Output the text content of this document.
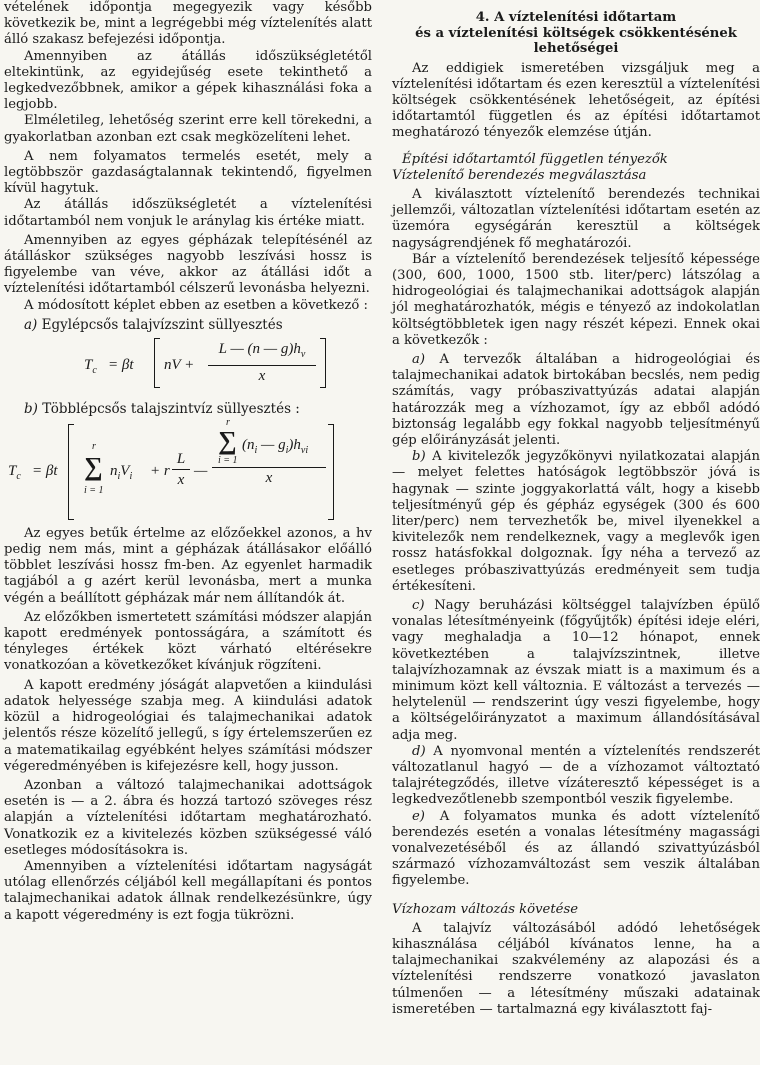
vételének időpontja megegyezik vagy később következik be, mint a legrégebbi még víztelenítés alatt álló szakasz befejezési időpontja.

Amennyiben az átállás időszükségletétől eltekintünk, az egyidejűség esete tekinthető a legkedvezőbbnek, amikor a gépek kihasználási foka a legjobb.

Elméletileg, lehetőség szerint erre kell törekedni, a gyakorlatban azonban ezt csak megközelíteni lehet.

A nem folyamatos termelés esetét, mely a legtöbbször gazdaságtalannak tekintendő, figyelmen kívül hagytuk.

Az átállás időszükségletét a víztelenítési időtartamból nem vonjuk le aránylag kis értéke miatt.

Amennyiben az egyes gépházak telepítésénél az átálláskor szükséges nagyobb leszívási hossz is figyelembe van véve, akkor az átállási időt a víztelenítési időtartamból célszerű levonásba helyezni.

A módosított képlet ebben az esetben a következő :

a) Egylépcsős talajvízszint süllyesztés
$T_c = \beta t$ nV + $\frac{L — (n — g)h_v}{x}$
b) Többlépcsős talajszintvíz süllyesztés :
$T_c = \beta t$
r
∑
i = 1
$n_iV_i + r \frac{L}{x}$ —
r
∑
i = 1
($n_i$ — $g_i)h_{vi}$
x

Az egyes betűk értelme az előzőekkel azonos, a hv pedig nem más, mint a gépházak átállásakor előálló többlet leszívási hossz fm-ben. Az egyenlet harmadik tagjából a g azért kerül levonásba, mert a munka végén a beállított gépházak már nem állítandók át.

Az előzőkben ismertetett számítási módszer alapján kapott eredmények pontosságára, a számított és tényleges értékek közt várható eltérésekre vonatkozóan a következőket kívánjuk rögzíteni.

A kapott eredmény jóságát alapvetően a kiindulási adatok helyessége szabja meg. A kiindulási adatok közül a hidrogeológiai és talajmechanikai adatok jelentős része közelítő jellegű, s így értelemszerűen ez a matematikailag egyébként helyes számítási módszer végeredményében is kifejezésre kell, hogy jusson.

Azonban a változó talajmechanikai adottságok esetén is — a 2. ábra és hozzá tartozó szöveges rész alapján a víztelenítési időtartam meghatározható. Vonatkozik ez a kivitelezés közben szükségessé váló esetleges módosításokra is.

Amennyiben a víztelenítési időtartam nagyságát utólag ellenőrzés céljából kell megállapítani és pontos talajmechanikai adatok állnak rendelkezésünkre, úgy a kapott végeredmény is ezt fogja tükrözni.

4. A víztelenítési időtartam
és a víztelenítési költségek csökkentésének
lehetőségei

Az eddigiek ismeretében vizsgáljuk meg a víztelenítési időtartam és ezen keresztül a víztelenítési költségek csökkentésének lehetőségeit, az építési időtartamtól független és az építési időtartamot meghatározó tényezők elemzése útján.

Építési időtartamtól független tényezők

Víztelenítő berendezés megválasztása

A kiválasztott víztelenítő berendezés technikai jellemzői, változatlan víztelenítési időtartam esetén az üzemóra egységárán keresztül a költségek nagyságrendjének fő meghatározói.

Bár a víztelenítő berendezések teljesítő képessége (300, 600, 1000, 1500 stb. liter/perc) látszólag a hidrogeológiai és talajmechanikai adottságok alapján jól meghatározhatók, mégis e tényező az indokolatlan költségtöbbletek igen nagy részét képezi. Ennek okai a következők :

a) A tervezők általában a hidrogeológiai és talajmechanikai adatok birtokában becslés, nem pedig számítás, vagy próbaszivattyúzás adatai alapján határozzák meg a vízhozamot, így az ebből adódó biztonság legalább egy fokkal nagyobb teljesítményű gép előirányzását jelenti.

b) A kivitelezők jegyzőkönyvi nyilatkozatai alapján — melyet felettes hatóságok legtöbbször jóvá is hagynak — szinte joggyakorlattá vált, hogy a kisebb teljesítményű gép és gépház egységek (300 és 600 liter/perc) nem tervezhetők be, mivel ilyenekkel a kivitelezők nem rendelkeznek, vagy a meglevők igen rossz hatásfokkal dolgoznak. Így néha a tervező az esetleges próbaszivattyúzás eredményeit sem tudja értékesíteni.

c) Nagy beruházási költséggel talajvízben épülő vonalas létesítményeink (főgyűjtők) építési ideje eléri, vagy meghaladja a 10—12 hónapot, ennek következtében a talajvízszintnek, illetve talajvízhozamnak az évszak miatt is a maximum és a minimum közt kell változnia. E változást a tervezés — helytelenül — rendszerint úgy veszi figyelembe, hogy a költségelőirányzatot a maximum állandósításával adja meg.

d) A nyomvonal mentén a víztelenítés rendszerét változatlanul hagyó — de a vízhozamot változtató talajrétegződés, illetve vízáteresztő képességet is a legkedvezőtlenebb szempontból veszik figyelembe.

e) A folyamatos munka és adott víztelenítő berendezés esetén a vonalas létesítmény magassági vonalvezetéséből és az állandó szivattyúzásból származó vízhozamváltozást sem veszik általában figyelembe.

Vízhozam változás követése

A talajvíz változásából adódó lehetőségek kihasználása céljából kívánatos lenne, ha a talajmechanikai szakvélemény az alapozási és a víztelenítési rendszerre vonatkozó javaslaton túlmenően — a létesítmény műszaki adatainak ismeretében — tartalmazná egy kiválasztott faj-
